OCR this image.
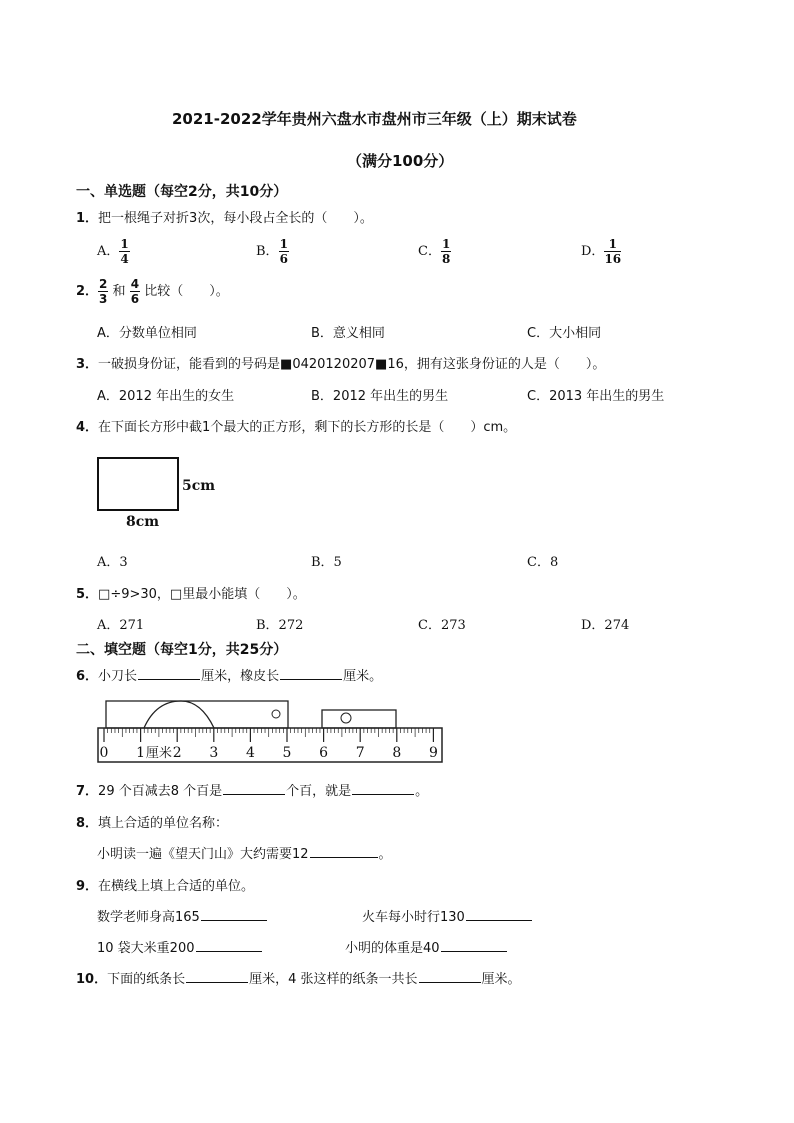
2021-2022学年贵州六盘水市盘州市三年级（上）期末试卷
（满分100分）
一、单选题（每空2分，共10分）
1．把一根绳子对折3次，每小段占全长的（　　）。
A． $\frac{1}{4}$	B． $\frac{1}{6}$	C． $\frac{1}{8}$	D． $\frac{1}{16}$
2． $\frac{2}{3}$ 和 $\frac{4}{6}$ 比较（　　）。
A．分数单位相同	B．意义相同	C．大小相同
3．一破损身份证，能看到的号码是■0420120207■16，拥有这张身份证的人是（　　）。
A．2012 年出生的女生	B．2012 年出生的男生	C．2013 年出生的男生
4．在下面长方形中截1个最大的正方形，剩下的长方形的长是（　　）cm。
5cm
8cm
A．3	B．5	C．8
5．□÷9>30，□里最小能填（　　）。
A．271	B．272	C．273	D．274
二、填空题（每空1分，共25分）
6．小刀长	厘米，橡皮长	厘米。
0 1 2 3 4 5 6 7 8 9
厘米
7．29 个百减去8 个百是	个百，就是	。
8．填上合适的单位名称：
小明读一遍《望天门山》大约需要12	。
9．在横线上填上合适的单位。
数学老师身高165	火车每小时行130
10 袋大米重200	小明的体重是40
10．下面的纸条长	厘米，4 张这样的纸条一共长	厘米。
